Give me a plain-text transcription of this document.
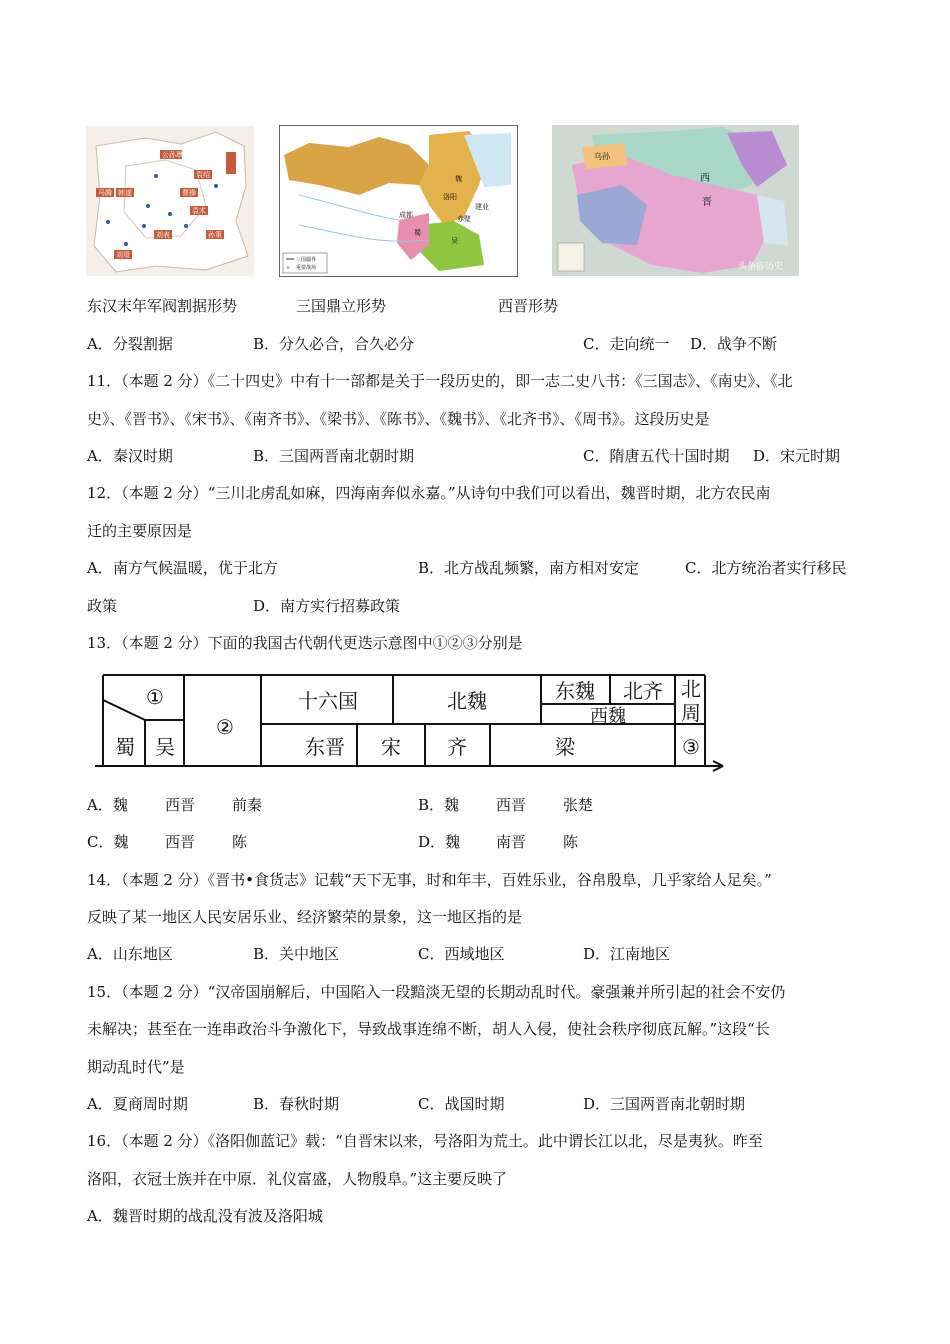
公孙瓒
袁绍
曹操
袁术
孙策
刘表
刘焉
马腾 韩遂
魏
蜀
吴
洛阳
成都
建业
赤壁
三国疆界
× 重要战场
乌孙
西
晋
头条@历史
东汉末年军阀割据形势	三国鼎立形势	西晋形势
A．分裂割据	B．分久必合，合久必分	C．走向统一 D．战争不断
11．（本题 2 分）《二十四史》中有十一部都是关于一段历史的，即一志二史八书：《三国志》、《南史》、《北
史》、《晋书》、《宋书》、《南齐书》、《梁书》、《陈书》、《魏书》、《北齐书》、《周书》。这段历史是
A．秦汉时期	B．三国两晋南北朝时期	C．隋唐五代十国时期 D．宋元时期
12．（本题 2 分）“三川北虏乱如麻，四海南奔似永嘉。”从诗句中我们可以看出，魏晋时期，北方农民南
迁的主要原因是
A．南方气候温暖，优于北方	B．北方战乱频繁，南方相对安定	C．北方统治者实行移民
政策	D．南方实行招募政策
13．（本题 2 分）下面的我国古代朝代更迭示意图中①②③分别是
①	十六国	北魏	东魏 北齐 北
周
西魏
蜀 吴
②
东晋 宋 齐	梁	③
A．魏 西晋 前秦	B．魏 西晋 张楚
C．魏 西晋 陈	D．魏 南晋 陈
14．（本题 2 分）《晋书•食货志》记载“天下无事，时和年丰，百姓乐业，谷帛殷阜，几乎家给人足矣。”
反映了某一地区人民安居乐业、经济繁荣的景象，这一地区指的是
A．山东地区	B．关中地区	C．西域地区	D．江南地区
15．（本题 2 分）“汉帝国崩解后，中国陷入一段黯淡无望的长期动乱时代。豪强兼并所引起的社会不安仍
未解决；甚至在一连串政治斗争激化下，导致战事连绵不断，胡人入侵，使社会秩序彻底瓦解。”这段“长
期动乱时代”是
A．夏商周时期	B．春秋时期	C．战国时期	D．三国两晋南北朝时期
16．（本题 2 分）《洛阳伽蓝记》载：“自晋宋以来，号洛阳为荒土。此中谓长江以北，尽是夷狄。昨至
洛阳，衣冠士族并在中原．礼仪富盛，人物殷阜。”这主要反映了
A．魏晋时期的战乱没有波及洛阳城
